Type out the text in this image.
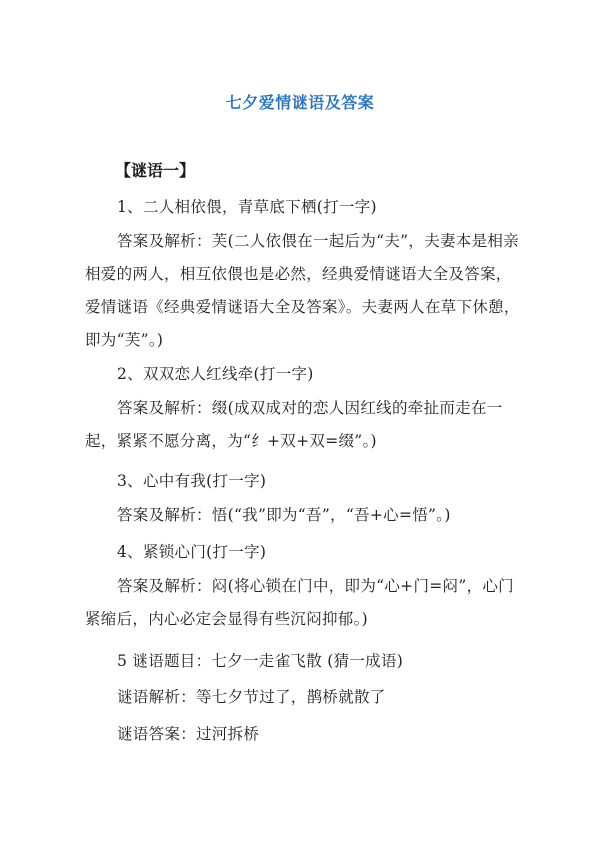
七夕爱情谜语及答案
【谜语一】
1、二人相依偎，青草底下栖(打一字)
答案及解析：芙(二人依偎在一起后为“夫”，夫妻本是相亲相爱的两人，相互依偎也是必然，经典爱情谜语大全及答案，爱情谜语《经典爱情谜语大全及答案》。夫妻两人在草下休憩，即为“芙”。)
2、双双恋人红线牵(打一字)
答案及解析：缀(成双成对的恋人因红线的牵扯而走在一起，紧紧不愿分离，为“纟+双+双=缀”。)
3、心中有我(打一字)
答案及解析：悟(“我”即为“吾”，“吾+心=悟”。)
4、紧锁心门(打一字)
答案及解析：闷(将心锁在门中，即为“心+门=闷”，心门紧缩后，内心必定会显得有些沉闷抑郁。)
5 谜语题目：七夕一走雀飞散 (猜一成语)
谜语解析：等七夕节过了，鹊桥就散了
谜语答案：过河拆桥
